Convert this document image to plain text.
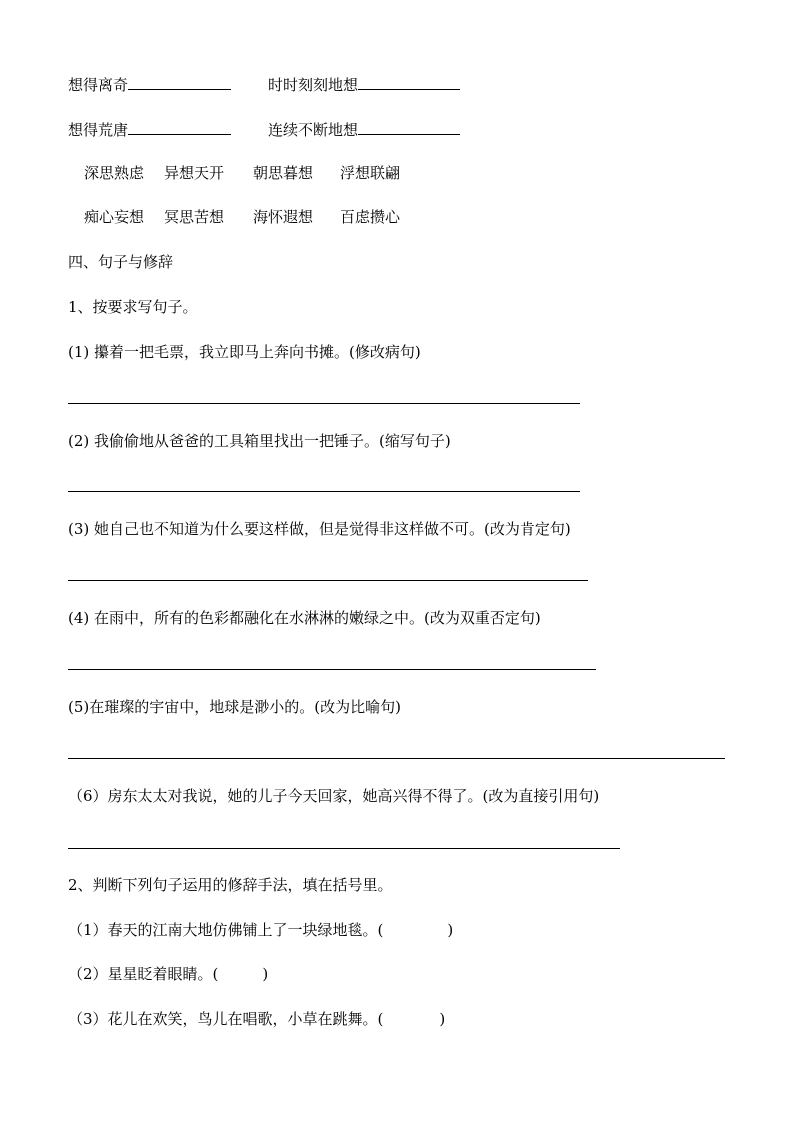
想得离奇	时时刻刻地想
想得荒唐	连续不断地想
深思熟虑 异想天开 朝思暮想 浮想联翩
痴心妄想 冥思苦想 海怀遐想 百虑攒心
四、句子与修辞
1、按要求写句子。
(1) 攥着一把毛票，我立即马上奔向书摊。(修改病句)
(2) 我偷偷地从爸爸的工具箱里找出一把锤子。(缩写句子)
(3) 她自己也不知道为什么要这样做，但是觉得非这样做不可。(改为肯定句)
(4) 在雨中，所有的色彩都融化在水淋淋的嫩绿之中。(改为双重否定句)
(5)在璀璨的宇宙中，地球是渺小的。(改为比喻句)
（6）房东太太对我说，她的儿子今天回家，她高兴得不得了。(改为直接引用句)
2、判断下列句子运用的修辞手法，填在括号里。
（1）春天的江南大地仿佛铺上了一块绿地毯。(	)
（2）星星眨着眼睛。(	)
（3）花儿在欢笑，鸟儿在唱歌，小草在跳舞。(	)
